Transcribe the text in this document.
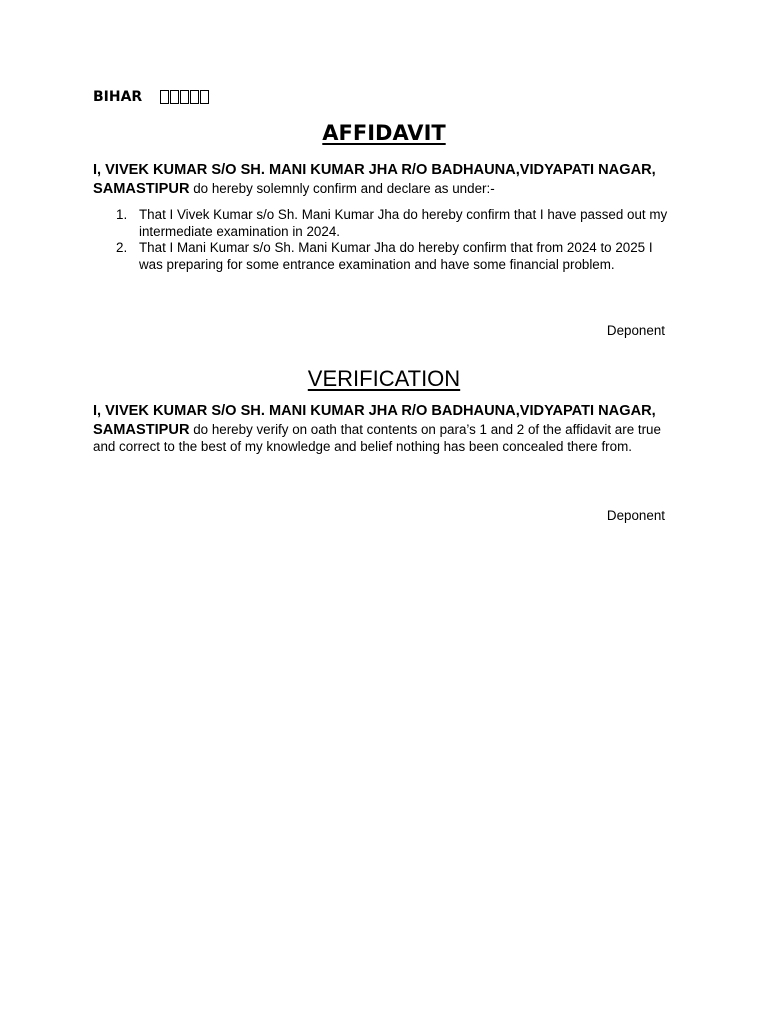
BIHAR
AFFIDAVIT
I, VIVEK KUMAR S/O SH. MANI KUMAR JHA R/O BADHAUNA,VIDYAPATI NAGAR, SAMASTIPUR do hereby solemnly confirm and declare as under:-
1. That I Vivek Kumar s/o Sh. Mani Kumar Jha do hereby confirm that I have passed out my intermediate examination in 2024.
2. That I Mani Kumar s/o Sh. Mani Kumar Jha do hereby confirm that from 2024 to 2025 I was preparing for some entrance examination and have some financial problem.
Deponent
VERIFICATION
I, VIVEK KUMAR S/O SH. MANI KUMAR JHA R/O BADHAUNA,VIDYAPATI NAGAR, SAMASTIPUR do hereby verify on oath that contents on para’s 1 and 2 of the affidavit are true and correct to the best of my knowledge and belief nothing has been concealed there from.
Deponent
